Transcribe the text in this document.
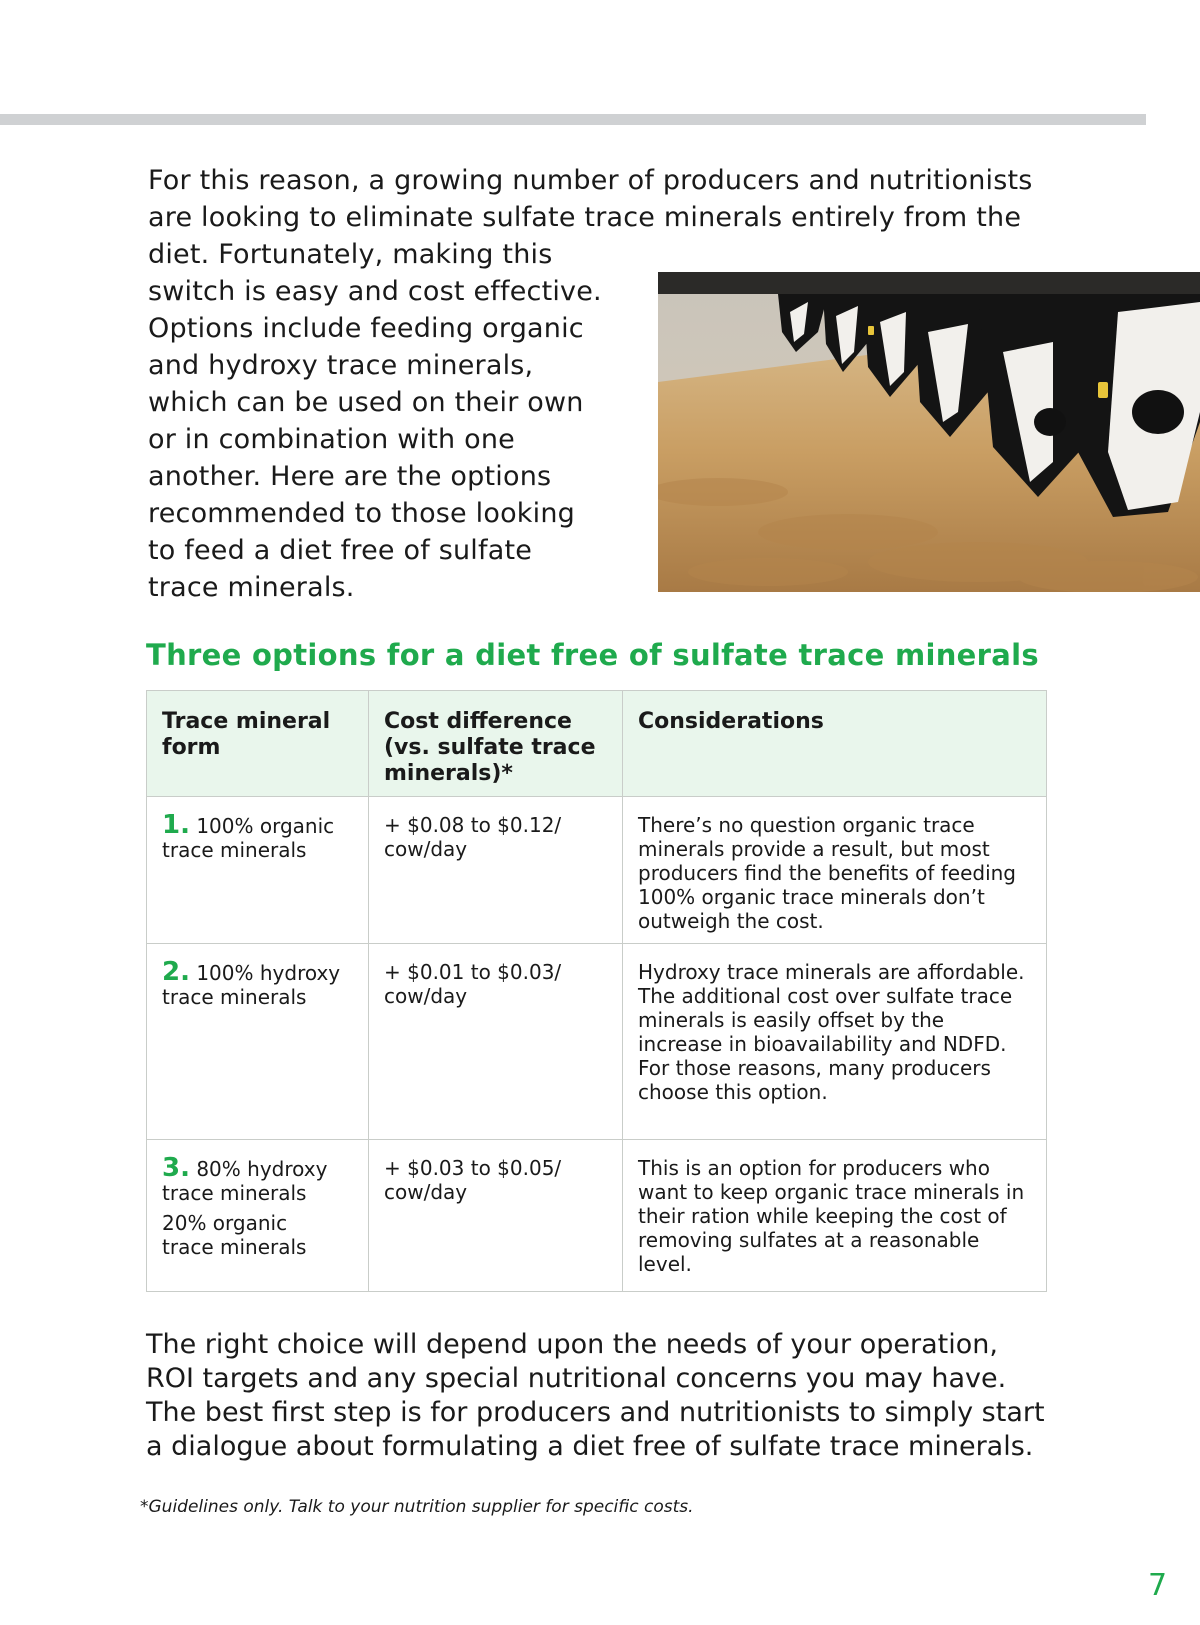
For this reason, a growing number of producers and nutritionists
are looking to eliminate sulfate trace minerals entirely from the
diet. Fortunately, making this
switch is easy and cost effective.
Options include feeding organic
and hydroxy trace minerals,
which can be used on their own
or in combination with one
another. Here are the options
recommended to those looking
to feed a diet free of sulfate
trace minerals.

Three options for a diet free of sulfate trace minerals
Trace mineral form	Cost difference (vs. sulfate trace minerals)*	Considerations
1. 100% organic
trace minerals	+ $0.08 to $0.12/ cow/day	There’s no question organic trace minerals provide a result, but most producers find the benefits of feeding 100% organic trace minerals don’t outweigh the cost.
2. 100% hydroxy
trace minerals	+ $0.01 to $0.03/ cow/day	Hydroxy trace minerals are affordable. The additional cost over sulfate trace minerals is easily offset by the increase in bioavailability and NDFD. For those reasons, many producers choose this option.
3. 80% hydroxy
trace minerals
20% organic
trace minerals	+ $0.03 to $0.05/ cow/day	This is an option for producers who want to keep organic trace minerals in their ration while keeping the cost of removing sulfates at a reasonable level.

The right choice will depend upon the needs of your operation,
ROI targets and any special nutritional concerns you may have.
The best first step is for producers and nutritionists to simply start
a dialogue about formulating a diet free of sulfate trace minerals.

*Guidelines only. Talk to your nutrition supplier for specific costs.

7
